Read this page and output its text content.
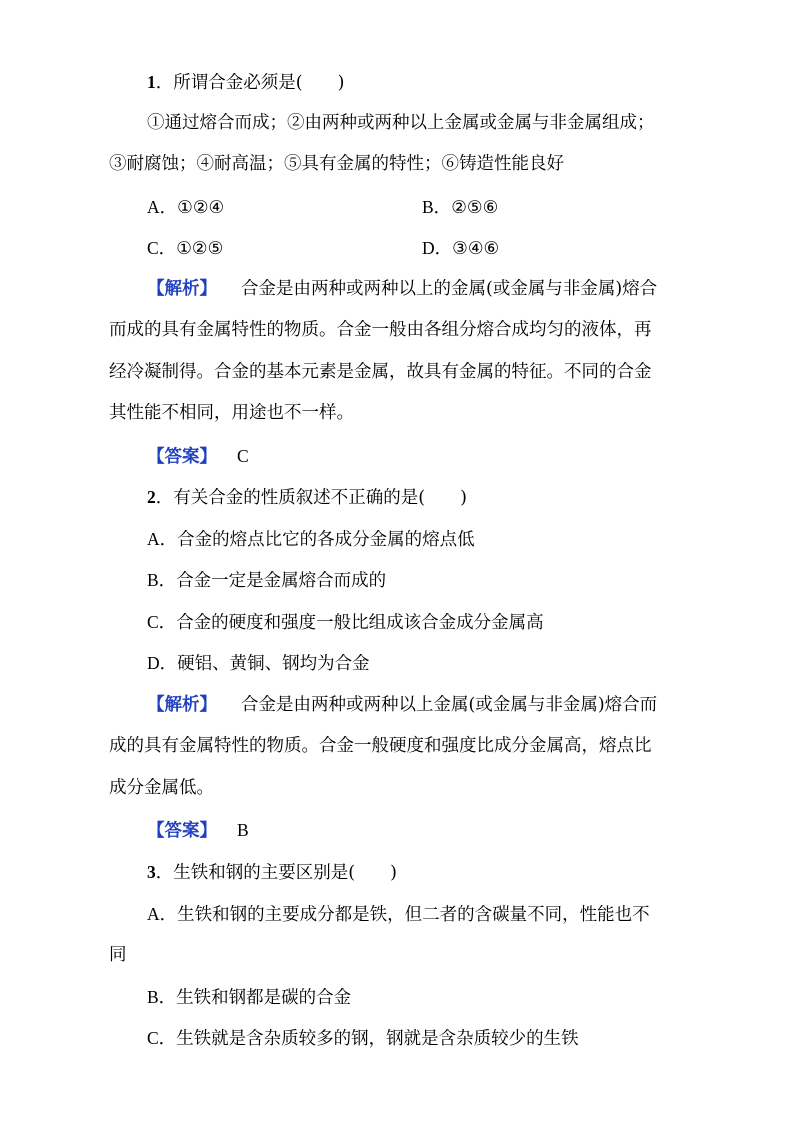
1．所谓合金必须是(　　)
①通过熔合而成；②由两种或两种以上金属或金属与非金属组成；
③耐腐蚀；④耐高温；⑤具有金属的特性；⑥铸造性能良好
A．①②④	B．②⑤⑥
C．①②⑤	D．③④⑥
【解析】 合金是由两种或两种以上的金属(或金属与非金属)熔合
而成的具有金属特性的物质。合金一般由各组分熔合成均匀的液体，再
经冷凝制得。合金的基本元素是金属，故具有金属的特征。不同的合金
其性能不相同，用途也不一样。
【答案】 C
2．有关合金的性质叙述不正确的是(　　)
A．合金的熔点比它的各成分金属的熔点低
B．合金一定是金属熔合而成的
C．合金的硬度和强度一般比组成该合金成分金属高
D．硬铝、黄铜、钢均为合金
【解析】 合金是由两种或两种以上金属(或金属与非金属)熔合而
成的具有金属特性的物质。合金一般硬度和强度比成分金属高，熔点比
成分金属低。
【答案】 B
3．生铁和钢的主要区别是(　　)
A．生铁和钢的主要成分都是铁，但二者的含碳量不同，性能也不
同
B．生铁和钢都是碳的合金
C．生铁就是含杂质较多的钢，钢就是含杂质较少的生铁
